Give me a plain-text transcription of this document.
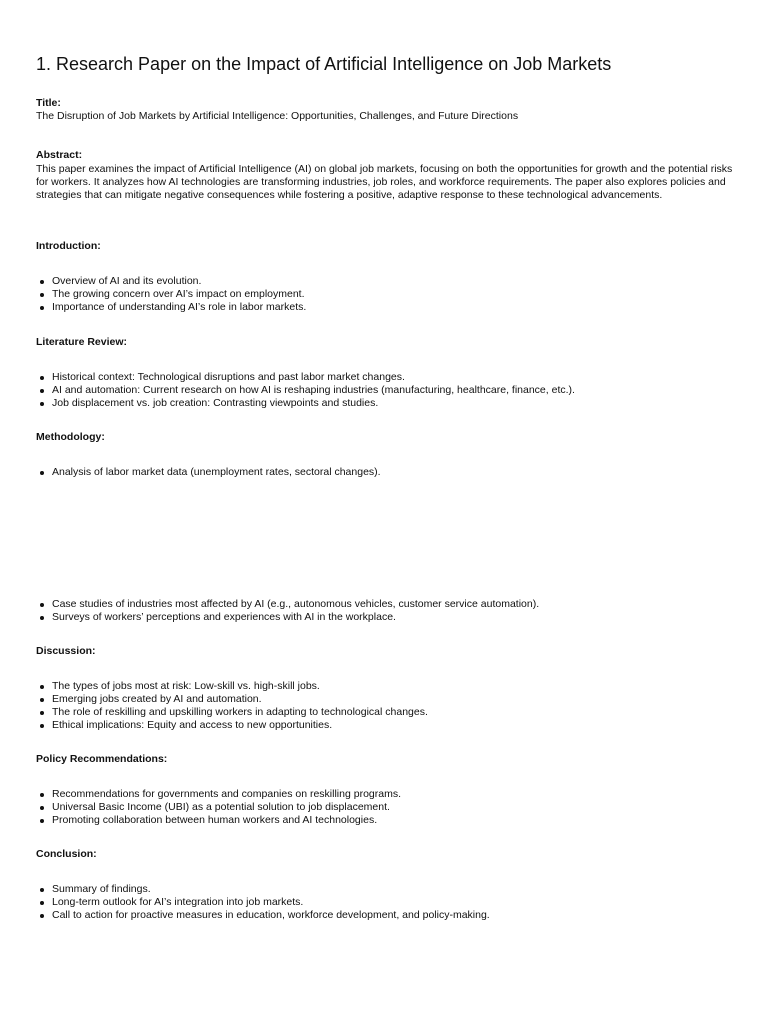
1. Research Paper on the Impact of Artificial Intelligence on Job Markets

Title:

The Disruption of Job Markets by Artificial Intelligence: Opportunities, Challenges, and Future Directions

Abstract:

This paper examines the impact of Artificial Intelligence (AI) on global job markets, focusing on both the opportunities for growth and the potential risks for workers. It analyzes how AI technologies are transforming industries, job roles, and workforce requirements. The paper also explores policies and strategies that can mitigate negative consequences while fostering a positive, adaptive response to these technological advancements.

Introduction:

Overview of AI and its evolution.
The growing concern over AI’s impact on employment.
Importance of understanding AI’s role in labor markets.

Literature Review:

Historical context: Technological disruptions and past labor market changes.
AI and automation: Current research on how AI is reshaping industries (manufacturing, healthcare, finance, etc.).
Job displacement vs. job creation: Contrasting viewpoints and studies.

Methodology:

Analysis of labor market data (unemployment rates, sectoral changes).
Case studies of industries most affected by AI (e.g., autonomous vehicles, customer service automation).
Surveys of workers’ perceptions and experiences with AI in the workplace.

Discussion:

The types of jobs most at risk: Low-skill vs. high-skill jobs.
Emerging jobs created by AI and automation.
The role of reskilling and upskilling workers in adapting to technological changes.
Ethical implications: Equity and access to new opportunities.

Policy Recommendations:

Recommendations for governments and companies on reskilling programs.
Universal Basic Income (UBI) as a potential solution to job displacement.
Promoting collaboration between human workers and AI technologies.

Conclusion:

Summary of findings.
Long-term outlook for AI’s integration into job markets.
Call to action for proactive measures in education, workforce development, and policy-making.
